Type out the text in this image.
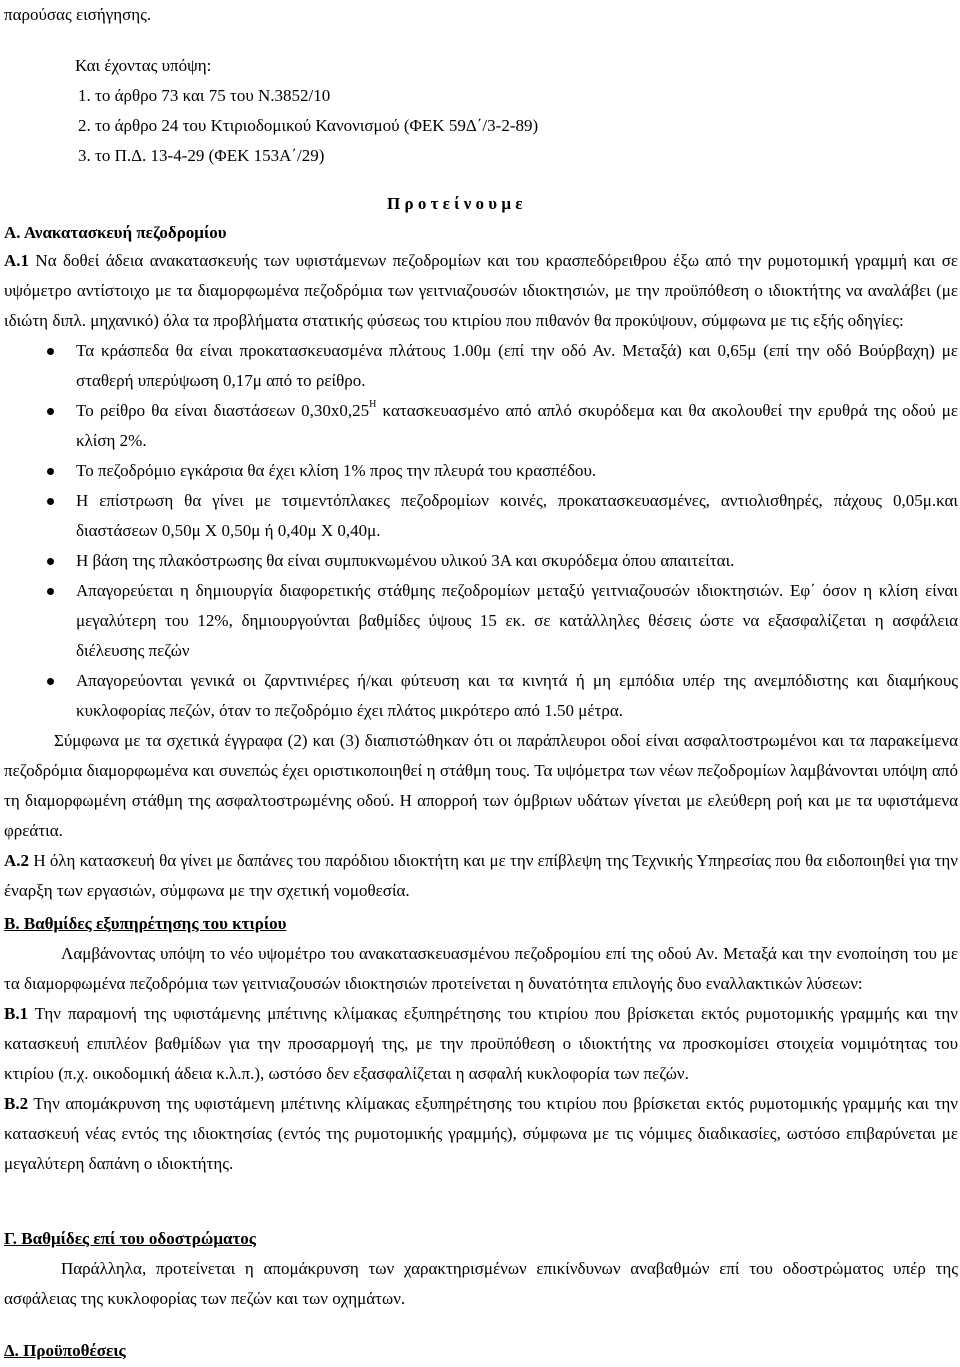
παρούσας εισήγησης.
Και έχοντας υπόψη:
1. το άρθρο 73 και 75 του Ν.3852/10
2. το άρθρο 24 του Κτιριοδομικού Κανονισμού (ΦΕΚ 59Δ΄/3-2-89)
3. το Π.Δ. 13-4-29 (ΦΕΚ 153Α΄/29)
Π ρ ο τ ε ί ν ο υ μ ε
Α. Ανακατασκευή πεζοδρομίου

Α.1 Να δοθεί άδεια ανακατασκευής των υφιστάμενων πεζοδρομίων και του κρασπεδόρειθρου έξω από την ρυμοτομική γραμμή και σε υψόμετρο αντίστοιχο με τα διαμορφωμένα πεζοδρόμια των γειτνιαζουσών ιδιοκτησιών, με την προϋπόθεση ο ιδιοκτήτης να αναλάβει (με ιδιώτη διπλ. μηχανικό) όλα τα προβλήματα στατικής φύσεως του κτιρίου που πιθανόν θα προκύψουν, σύμφωνα με τις εξής οδηγίες:

Τα κράσπεδα θα είναι προκατασκευασμένα πλάτους 1.00μ (επί την οδό Αν. Μεταξά) και 0,65μ (επί την οδό Βούρβαχη) με σταθερή υπερύψωση 0,17μ από το ρείθρο.
Το ρείθρο θα είναι διαστάσεων $0,30x0,25^H$ κατασκευασμένο από απλό σκυρόδεμα και θα ακολουθεί την ερυθρά της οδού με κλίση 2%.
Το πεζοδρόμιο εγκάρσια θα έχει κλίση 1% προς την πλευρά του κρασπέδου.
Η επίστρωση θα γίνει με τσιμεντόπλακες πεζοδρομίων κοινές, προκατασκευασμένες, αντιολισθηρές, πάχους 0,05μ.και διαστάσεων 0,50μ Χ 0,50μ ή 0,40μ Χ 0,40μ.
Η βάση της πλακόστρωσης θα είναι συμπυκνωμένου υλικού 3Α και σκυρόδεμα όπου απαιτείται.
Απαγορεύεται η δημιουργία διαφορετικής στάθμης πεζοδρομίων μεταξύ γειτνιαζουσών ιδιοκτησιών. Εφ΄ όσον η κλίση είναι μεγαλύτερη του 12%, δημιουργούνται βαθμίδες ύψους 15 εκ. σε κατάλληλες θέσεις ώστε να εξασφαλίζεται η ασφάλεια διέλευσης πεζών
Απαγορεύονται γενικά οι ζαρντινιέρες ή/και φύτευση και τα κινητά ή μη εμπόδια υπέρ της ανεμπόδιστης και διαμήκους κυκλοφορίας πεζών, όταν το πεζοδρόμιο έχει πλάτος μικρότερο από 1.50 μέτρα.

Σύμφωνα με τα σχετικά έγγραφα (2) και (3) διαπιστώθηκαν ότι οι παράπλευροι οδοί είναι ασφαλτοστρωμένοι και τα παρακείμενα πεζοδρόμια διαμορφωμένα και συνεπώς έχει οριστικοποιηθεί η στάθμη τους. Τα υψόμετρα των νέων πεζοδρομίων λαμβάνονται υπόψη από τη διαμορφωμένη στάθμη της ασφαλτοστρωμένης οδού. Η απορροή των όμβριων υδάτων γίνεται με ελεύθερη ροή και με τα υφιστάμενα φρεάτια.

Α.2 Η όλη κατασκευή θα γίνει με δαπάνες του παρόδιου ιδιοκτήτη και με την επίβλεψη της Τεχνικής Υπηρεσίας που θα ειδοποιηθεί για την έναρξη των εργασιών, σύμφωνα με την σχετική νομοθεσία.

Β. Βαθμίδες εξυπηρέτησης του κτιρίου

Λαμβάνοντας υπόψη το νέο υψομέτρο του ανακατασκευασμένου πεζοδρομίου επί της οδού Αν. Μεταξά και την ενοποίηση του με τα διαμορφωμένα πεζοδρόμια των γειτνιαζουσών ιδιοκτησιών προτείνεται η δυνατότητα επιλογής δυο εναλλακτικών λύσεων:

Β.1 Την παραμονή της υφιστάμενης μπέτινης κλίμακας εξυπηρέτησης του κτιρίου που βρίσκεται εκτός ρυμοτομικής γραμμής και την κατασκευή επιπλέον βαθμίδων για την προσαρμογή της, με την προϋπόθεση ο ιδιοκτήτης να προσκομίσει στοιχεία νομιμότητας του κτιρίου (π.χ. οικοδομική άδεια κ.λ.π.), ωστόσο δεν εξασφαλίζεται η ασφαλή κυκλοφορία των πεζών.

Β.2 Την απομάκρυνση της υφιστάμενη μπέτινης κλίμακας εξυπηρέτησης του κτιρίου που βρίσκεται εκτός ρυμοτομικής γραμμής και την κατασκευή νέας εντός της ιδιοκτησίας (εντός της ρυμοτομικής γραμμής), σύμφωνα με τις νόμιμες διαδικασίες, ωστόσο επιβαρύνεται με μεγαλύτερη δαπάνη ο ιδιοκτήτης.

Γ. Βαθμίδες επί του οδοστρώματος

Παράλληλα, προτείνεται η απομάκρυνση των χαρακτηρισμένων επικίνδυνων αναβαθμών επί του οδοστρώματος υπέρ της ασφάλειας της κυκλοφορίας των πεζών και των οχημάτων.

Δ. Προϋποθέσεις
